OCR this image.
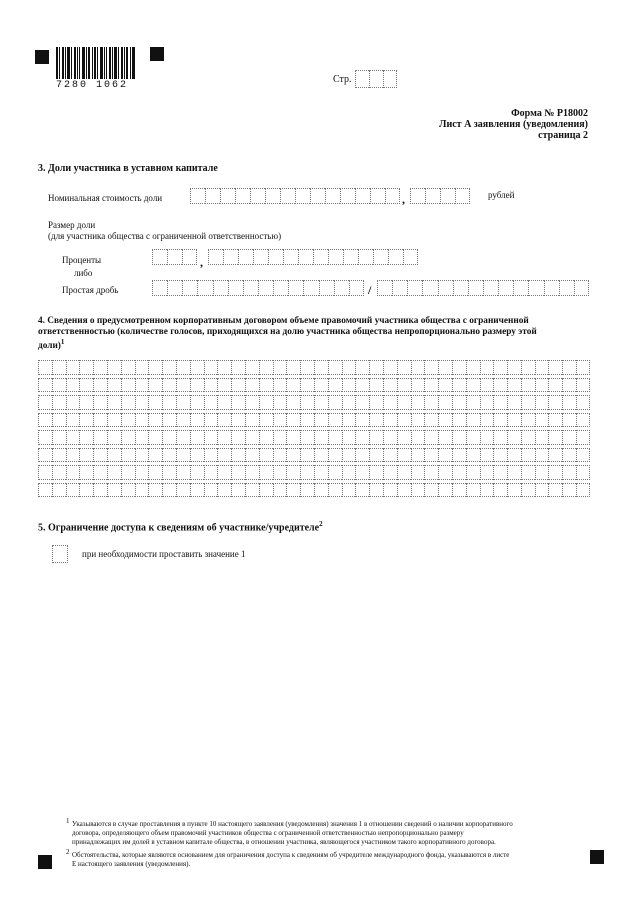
7280 1062
Стр.
Форма № Р18002
Лист А заявления (уведомления)
страница 2
3. Доли участника в уставном капитале
Номинальная стоимость доли	,	рублей
Размер доли
(для участника общества с ограниченной ответственностью)
Проценты	,
либо
Простая дробь	/
4. Сведения о предусмотренном корпоративным договором объеме правомочий участника общества с ограниченной
ответственностью (количестве голосов, приходящихся на долю участника общества непропорционально размеру этой
доли)$^1$
5. Ограничение доступа к сведениям об участнике/учредителе$^2$
при необходимости проставить значение 1
1 Указываются в случае проставления в пункте 10 настоящего заявления (уведомления) значения 1 в отношении сведений о наличии корпоративного
договора, определяющего объем правомочий участников общества с ограниченной ответственностью непропорционально размеру
принадлежащих им долей в уставном капитале общества, в отношении участника, являющегося участником такого корпоративного договора.
2 Обстоятельства, которые являются основанием для ограничения доступа к сведениям об учредителе международного фонда, указываются в листе
Е настоящего заявления (уведомления).
